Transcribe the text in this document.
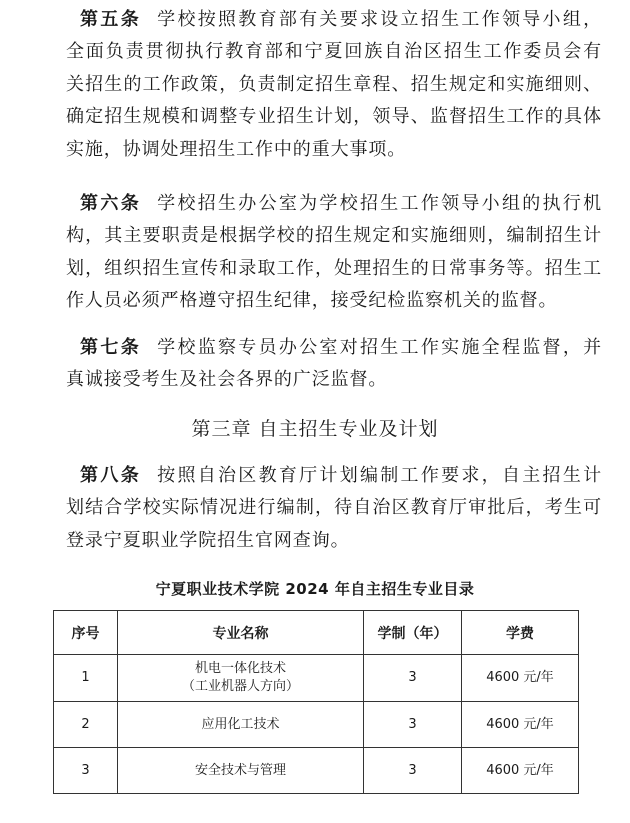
第五条 学校按照教育部有关要求设立招生工作领导小组，
全面负责贯彻执行教育部和宁夏回族自治区招生工作委员会有
关招生的工作政策，负责制定招生章程、招生规定和实施细则、
确定招生规模和调整专业招生计划，领导、监督招生工作的具体
实施，协调处理招生工作中的重大事项。
第六条 学校招生办公室为学校招生工作领导小组的执行机
构，其主要职责是根据学校的招生规定和实施细则，编制招生计
划，组织招生宣传和录取工作，处理招生的日常事务等。招生工
作人员必须严格遵守招生纪律，接受纪检监察机关的监督。
第七条 学校监察专员办公室对招生工作实施全程监督，并
真诚接受考生及社会各界的广泛监督。
第三章 自主招生专业及计划
第八条 按照自治区教育厅计划编制工作要求，自主招生计
划结合学校实际情况进行编制，待自治区教育厅审批后，考生可
登录宁夏职业学院招生官网查询。
宁夏职业技术学院 2024 年自主招生专业目录
序号	专业名称	学制（年）	学费
1	机电一体化技术
（工业机器人方向）	3	4600 元/年
2	应用化工技术	3	4600 元/年
3	安全技术与管理	3	4600 元/年
